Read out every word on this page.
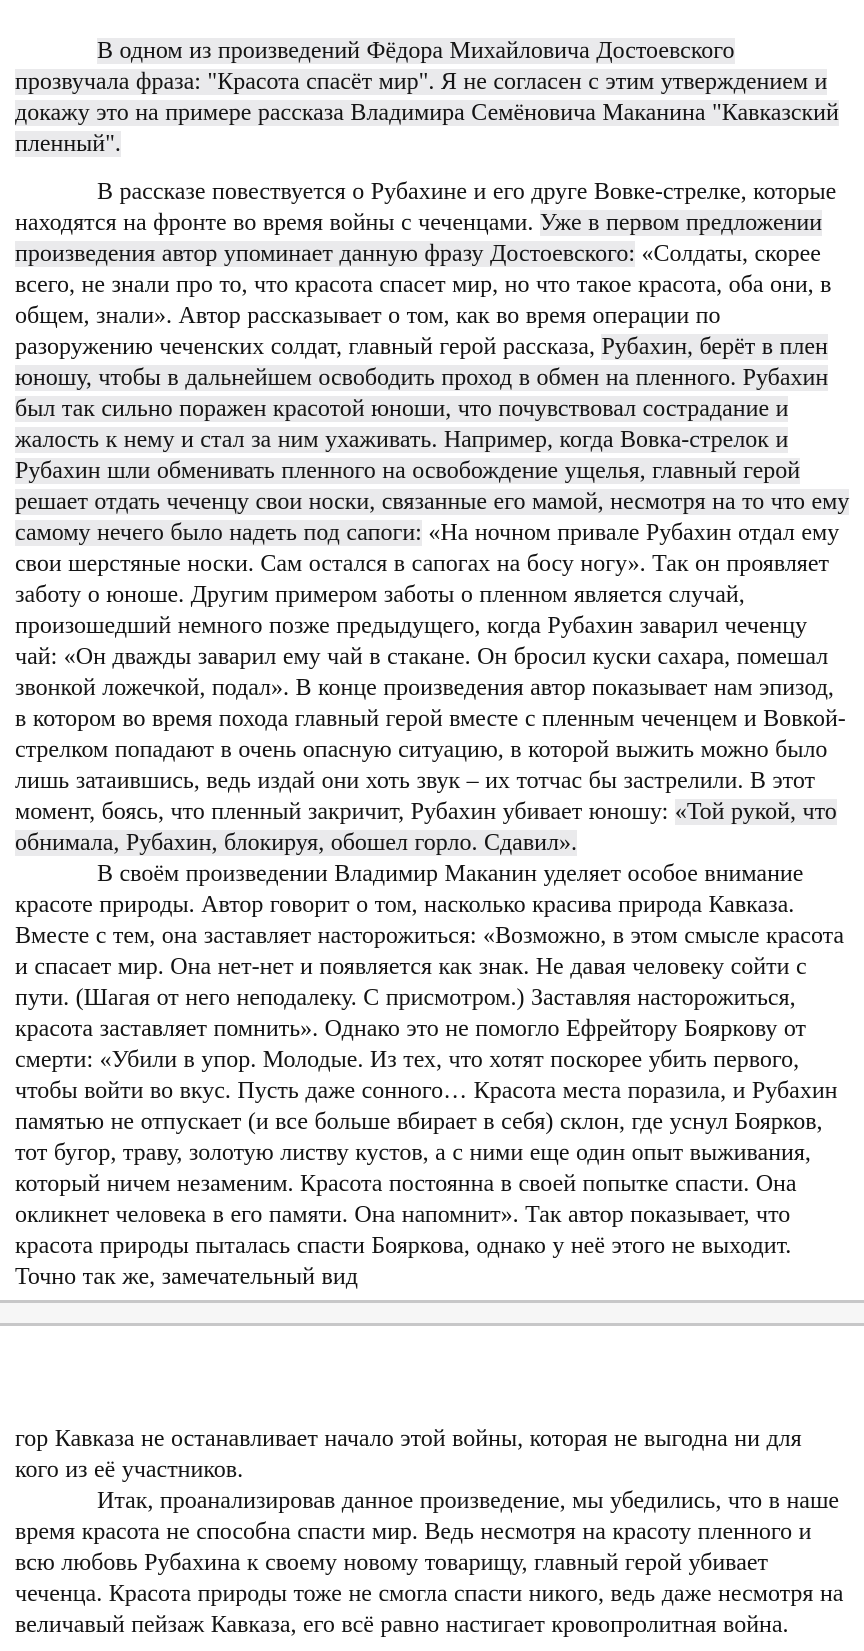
В одном из произведений Фёдора Михайловича Достоевского прозвучала фраза: "Красота спасёт мир". Я не согласен с этим утверждением и докажу это на примере рассказа Владимира Семёновича Маканина "Кавказский пленный".

В рассказе повествуется о Рубахине и его друге Вовке-стрелке, которые находятся на фронте во время войны с чеченцами. Уже в первом предложении произведения автор упоминает данную фразу Достоевского: «Солдаты, скорее всего, не знали про то, что красота спасет мир, но что такое красота, оба они, в общем, знали». Автор рассказывает о том, как во время операции по разоружению чеченских солдат, главный герой рассказа, Рубахин, берёт в плен юношу, чтобы в дальнейшем освободить проход в обмен на пленного. Рубахин был так сильно поражен красотой юноши, что почувствовал сострадание и жалость к нему и стал за ним ухаживать. Например, когда Вовка-стрелок и Рубахин шли обменивать пленного на освобождение ущелья, главный герой решает отдать чеченцу свои носки, связанные его мамой, несмотря на то что ему самому нечего было надеть под сапоги: «На ночном привале Рубахин отдал ему свои шерстяные носки. Сам остался в сапогах на босу ногу». Так он проявляет заботу о юноше. Другим примером заботы о пленном является случай, произошедший немного позже предыдущего, когда Рубахин заварил чеченцу чай: «Он дважды заварил ему чай в стакане. Он бросил куски сахара, помешал звонкой ложечкой, подал». В конце произведения автор показывает нам эпизод, в котором во время похода главный герой вместе с пленным чеченцем и Вовкой-стрелком попадают в очень опасную ситуацию, в которой выжить можно было лишь затаившись, ведь издай они хоть звук – их тотчас бы застрелили. В этот момент, боясь, что пленный закричит, Рубахин убивает юношу: «Той рукой, что обнимала, Рубахин, блокируя, обошел горло. Сдавил».

В своём произведении Владимир Маканин уделяет особое внимание красоте природы. Автор говорит о том, насколько красива природа Кавказа. Вместе с тем, она заставляет насторожиться: «Возможно, в этом смысле красота и спасает мир. Она нет-нет и появляется как знак. Не давая человеку сойти с пути. (Шагая от него неподалеку. С присмотром.) Заставляя насторожиться, красота заставляет помнить». Однако это не помогло Ефрейтору Бояркову от смерти: «Убили в упор. Молодые. Из тех, что хотят поскорее убить первого, чтобы войти во вкус. Пусть даже сонного… Красота места поразила, и Рубахин памятью не отпускает (и все больше вбирает в себя) склон, где уснул Боярков, тот бугор, траву, золотую листву кустов, а с ними еще один опыт выживания, который ничем незаменим. Красота постоянна в своей попытке спасти. Она окликнет человека в его памяти. Она напомнит». Так автор показывает, что красота природы пыталась спасти Бояркова, однако у неё этого не выходит. Точно так же, замечательный вид

гор Кавказа не останавливает начало этой войны, которая не выгодна ни для кого из её участников.

Итак, проанализировав данное произведение, мы убедились, что в наше время красота не способна спасти мир. Ведь несмотря на красоту пленного и всю любовь Рубахина к своему новому товарищу, главный герой убивает чеченца. Красота природы тоже не смогла спасти никого, ведь даже несмотря на величавый пейзаж Кавказа, его всё равно настигает кровопролитная война.
